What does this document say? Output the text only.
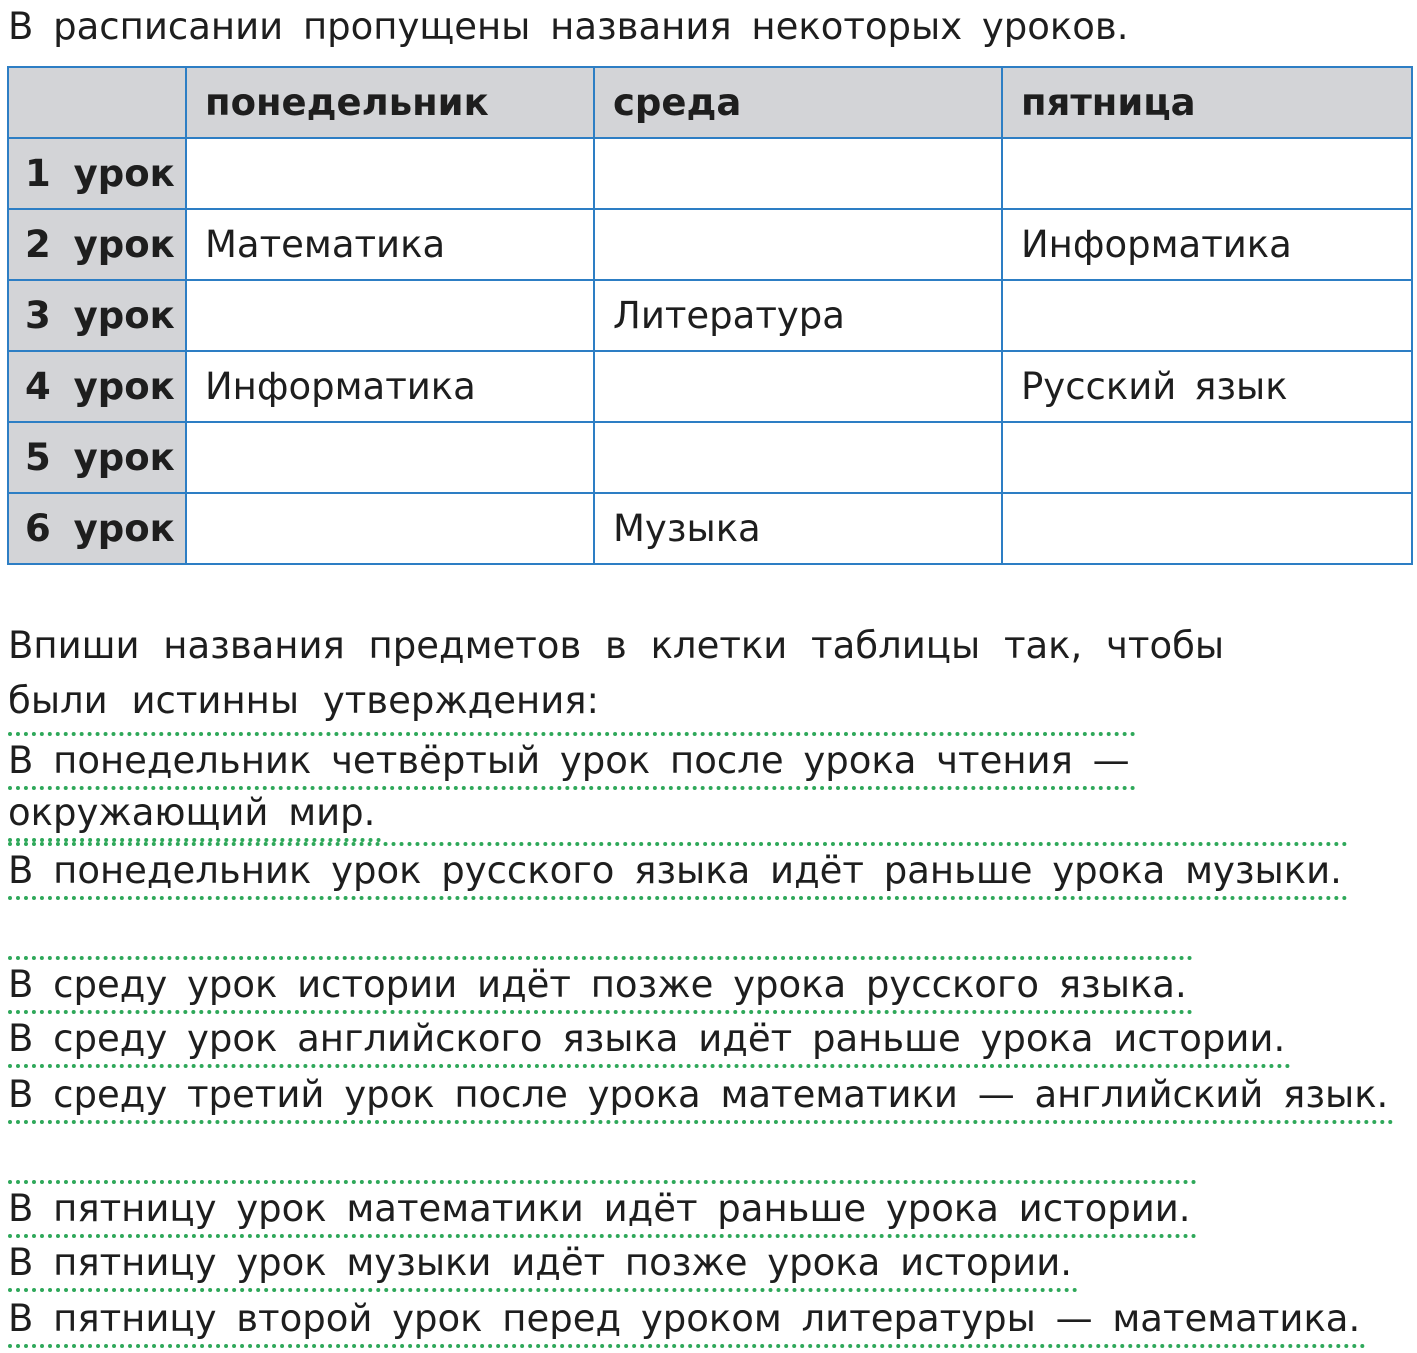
В расписании пропущены названия некоторых уроков.
	понедельник	среда	пятница
1 урок			
2 урок	Математика		Информатика
3 урок		Литература	
4 урок	Информатика		Русский язык
5 урок			
6 урок		Музыка	
Впиши названия предметов в клетки таблицы так, чтобы были истинны утверждения:
В понедельник четвёртый урок после урока чтения —
окружающий мир.
В понедельник урок русского языка идёт раньше урока музыки.
В среду урок истории идёт позже урока русского языка.
В среду урок английского языка идёт раньше урока истории.
В среду третий урок после урока математики — английский язык.
В пятницу урок математики идёт раньше урока истории.
В пятницу урок музыки идёт позже урока истории.
В пятницу второй урок перед уроком литературы — математика.
